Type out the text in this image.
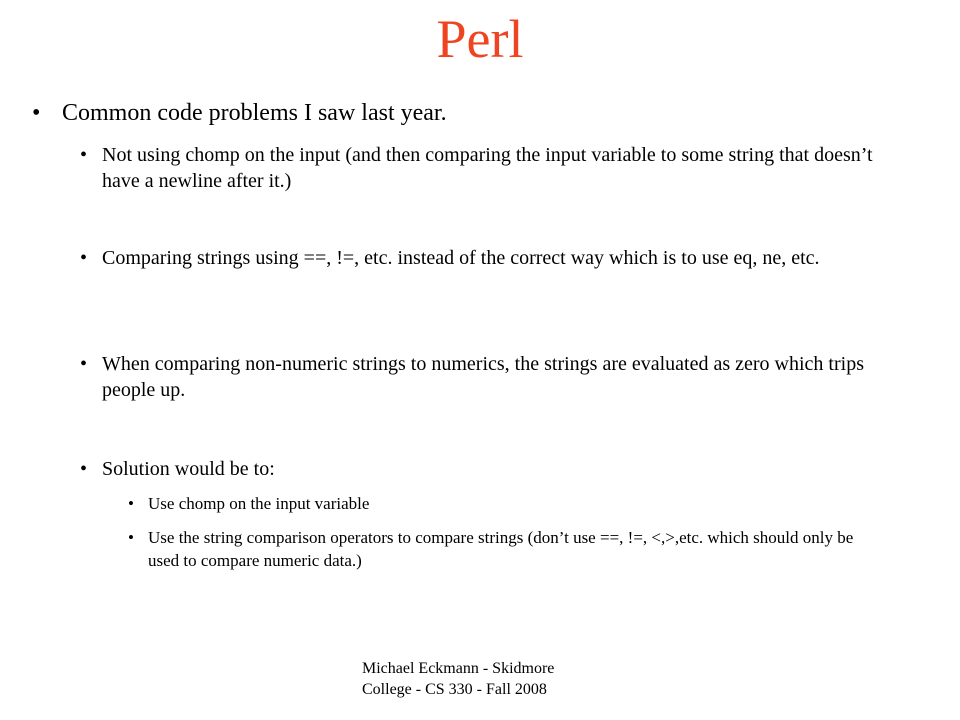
Perl
• Common code problems I saw last year.
• Not using chomp on the input (and then comparing the input variable to some string that doesn’t have a newline after it.)
• Comparing strings using ==, !=, etc. instead of the correct way which is to use eq, ne, etc.
• When comparing non-numeric strings to numerics, the strings are evaluated as zero which trips people up.
• Solution would be to:
• Use chomp on the input variable
• Use the string comparison operators to compare strings (don’t use ==, !=, <,>,etc. which should only be used to compare numeric data.)
Michael Eckmann - Skidmore
College - CS 330 - Fall 2008
